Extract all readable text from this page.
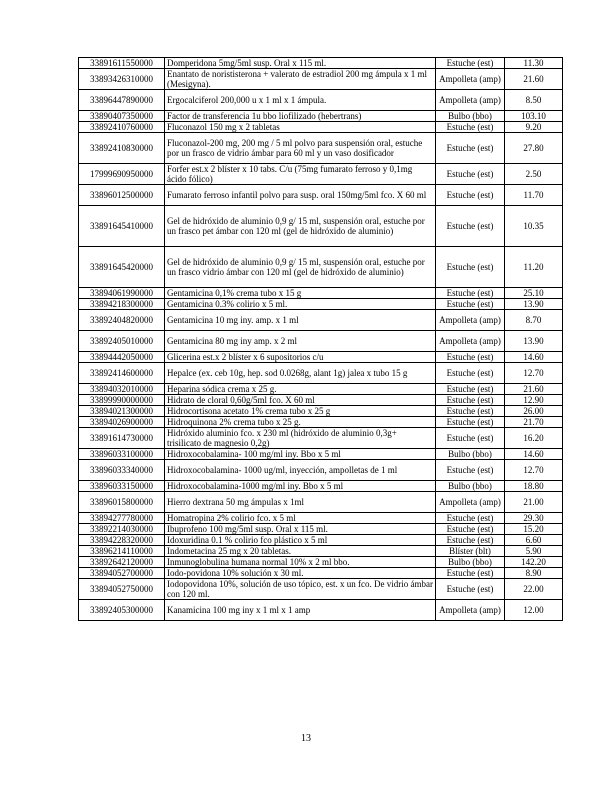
33891611550000	Domperidona 5mg/5ml susp. Oral x 115 ml.	Estuche (est)	11.30
33893426310000	Enantato de norististerona + valerato de estradiol 200 mg ámpula x 1 ml (Mesigyna).	Ampolleta (amp)	21.60
33896447890000	Ergocalciferol 200,000 u x 1 ml x 1 ámpula.	Ampolleta (amp)	8.50
33890407350000	Factor de transferencia 1u bbo liofilizado (hebertrans)	Bulbo (bbo)	103.10
33892410760000	Fluconazol 150 mg x 2 tabletas	Estuche (est)	9.20
33892410830000	Fluconazol-200 mg, 200 mg / 5 ml polvo para suspensión oral, estuche por un frasco de vidrio ámbar para 60 ml y un vaso dosificador	Estuche (est)	27.80
17999690950000	Forfer est.x 2 blíster x 10 tabs. C/u (75mg fumarato ferroso y 0,1mg ácido fólico)	Estuche (est)	2.50
33896012500000	Fumarato ferroso infantil polvo para susp. oral 150mg/5ml fco. X 60 ml	Estuche (est)	11.70
33891645410000	Gel de hidróxido de aluminio 0,9 g/ 15 ml, suspensión oral, estuche por un frasco pet ámbar con 120 ml (gel de hidróxido de aluminio)	Estuche (est)	10.35
33891645420000	Gel de hidróxido de aluminio 0,9 g/ 15 ml, suspensión oral, estuche por un frasco vidrio ámbar con 120 ml (gel de hidróxido de aluminio)	Estuche (est)	11.20
33894061990000	Gentamicina 0,1% crema tubo x 15 g	Estuche (est)	25.10
33894218300000	Gentamicina 0.3% colirio x 5 ml.	Estuche (est)	13.90
33892404820000	Gentamicina 10 mg iny. amp. x 1 ml	Ampolleta (amp)	8.70
33892405010000	Gentamicina 80 mg iny amp. x 2 ml	Ampolleta (amp)	13.90
33894442050000	Glicerina est.x 2 blíster x 6 supositorios c/u	Estuche (est)	14.60
33892414600000	Hepalce (ex. ceb 10g, hep. sod 0.0268g, alant 1g) jalea x tubo 15 g	Estuche (est)	12.70
33894032010000	Heparina sódica crema x 25 g.	Estuche (est)	21.60
33899990000000	Hidrato de cloral 0,60g/5ml fco. X 60 ml	Estuche (est)	12.90
33894021300000	Hidrocortisona acetato 1% crema tubo x 25 g	Estuche (est)	26.00
33894026900000	Hidroquinona 2% crema tubo x 25 g.	Estuche (est)	21.70
33891614730000	Hidróxido aluminio fco. x 230 ml (hidróxido de aluminio 0,3g+ trisilicato de magnesio 0,2g)	Estuche (est)	16.20
33896033100000	Hidroxocobalamina- 100 mg/ml iny. Bbo x 5 ml	Bulbo (bbo)	14.60
33896033340000	Hidroxocobalamina- 1000 ug/ml, inyección, ampolletas de 1 ml	Estuche (est)	12.70
33896033150000	Hidroxocobalamina-1000 mg/ml iny. Bbo x 5 ml	Bulbo (bbo)	18.80
33896015800000	Hierro dextrana 50 mg ámpulas x 1ml	Ampolleta (amp)	21.00
33894277780000	Homatropina 2% colirio fco. x 5 ml	Estuche (est)	29.30
33892214030000	Ibuprofeno 100 mg/5ml susp. Oral x 115 ml.	Estuche (est)	15.20
33894228320000	Idoxuridina 0.1 % colirio fco plástico x 5 ml	Estuche (est)	6.60
33896214110000	Indometacina 25 mg x 20 tabletas.	Blíster (blt)	5.90
33892642120000	Inmunoglobulina humana normal 10% x 2 ml bbo.	Bulbo (bbo)	142.20
33894052700000	Iodo-povidona 10% solución x 30 ml.	Estuche (est)	8.90
33894052750000	Iodopovidona 10%, solución de uso tópico, est. x un fco. De vidrio ámbar con 120 ml.	Estuche (est)	22.00
33892405300000	Kanamicina 100 mg iny x 1 ml x 1 amp	Ampolleta (amp)	12.00
13
